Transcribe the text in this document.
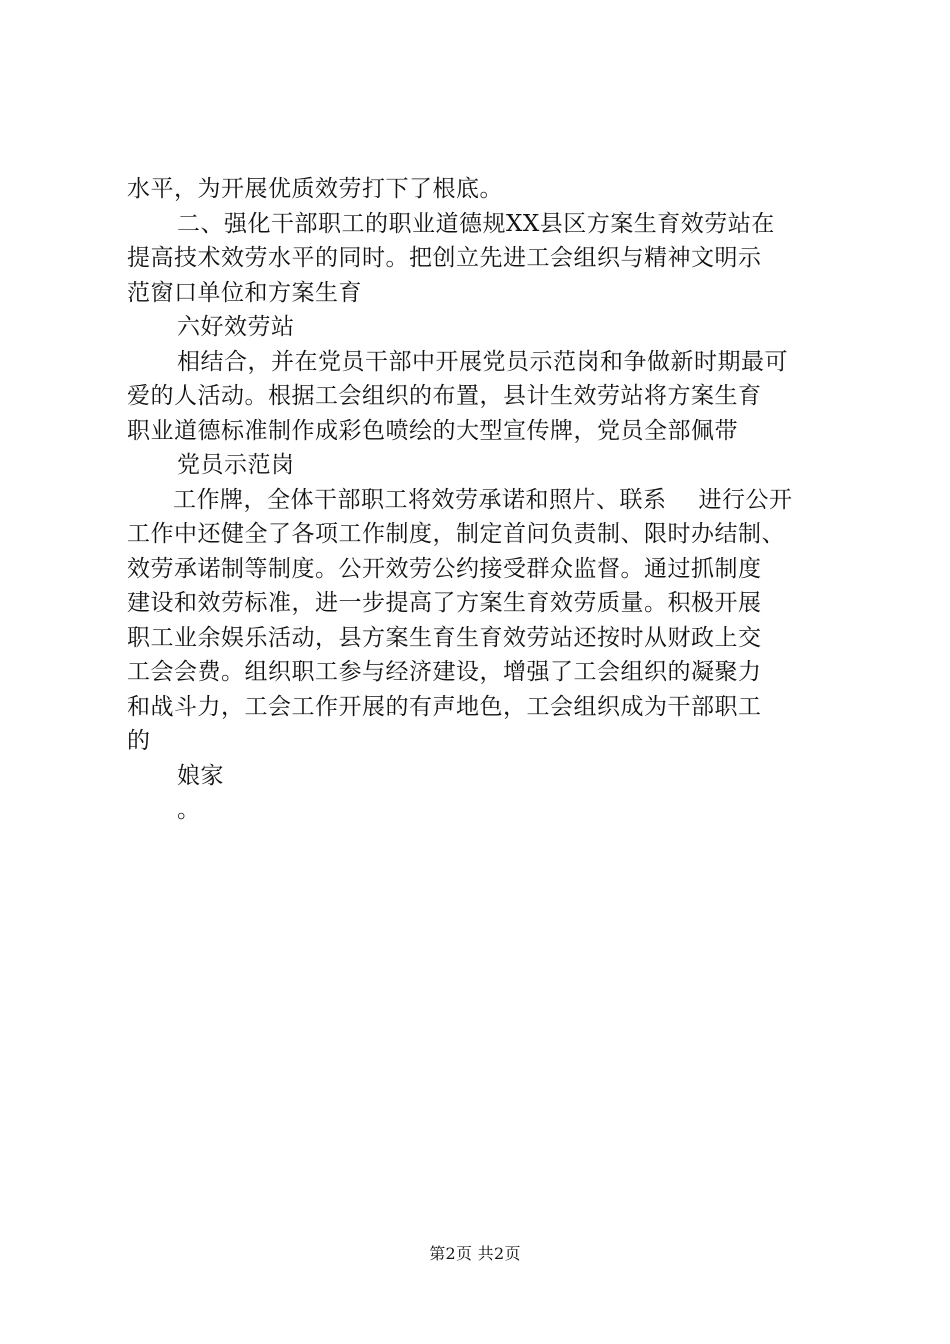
水平，为开展优质效劳打下了根底。
二、强化干部职工的职业道德规XX县区方案生育效劳站在
提高技术效劳水平的同时。把创立先进工会组织与精神文明示
范窗口单位和方案生育
六好效劳站
相结合，并在党员干部中开展党员示范岗和争做新时期最可
爱的人活动。根据工会组织的布置，县计生效劳站将方案生育
职业道德标准制作成彩色喷绘的大型宣传牌，党员全部佩带
党员示范岗
工作牌，全体干部职工将效劳承诺和照片、联系 进行公开
工作中还健全了各项工作制度，制定首问负责制、限时办结制、
效劳承诺制等制度。公开效劳公约接受群众监督。通过抓制度
建设和效劳标准，进一步提高了方案生育效劳质量。积极开展
职工业余娱乐活动，县方案生育生育效劳站还按时从财政上交
工会会费。组织职工参与经济建设，增强了工会组织的凝聚力
和战斗力，工会工作开展的有声地色，工会组织成为干部职工
的
娘家
。
第2页 共2页
